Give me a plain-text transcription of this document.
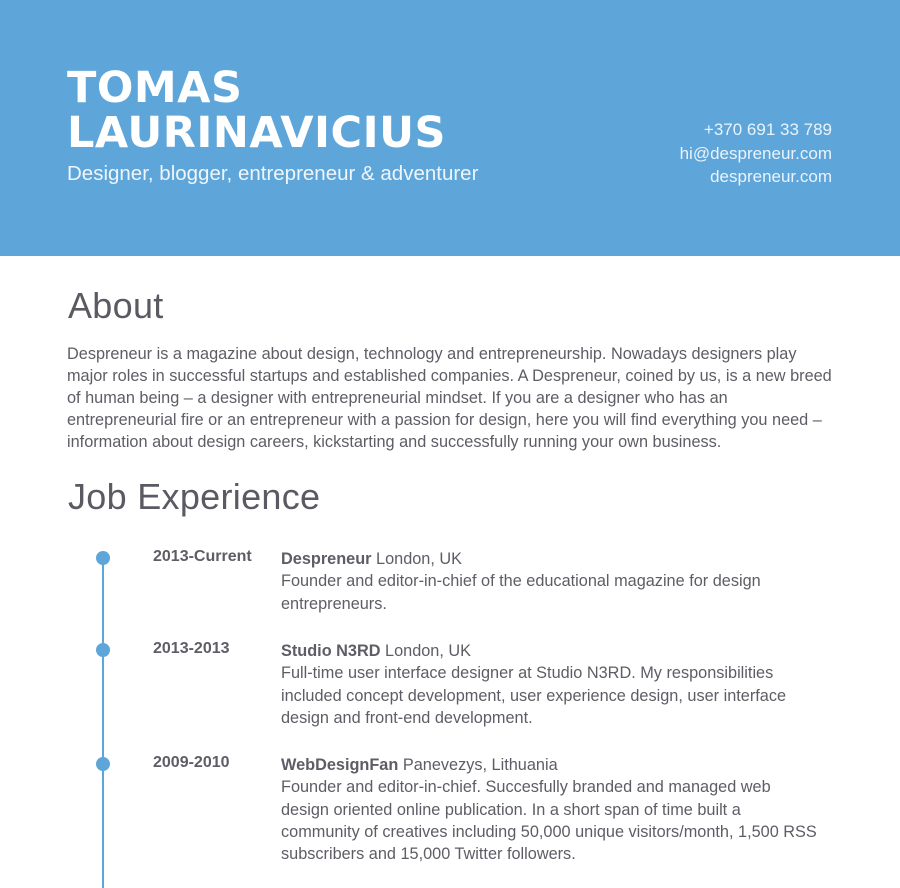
TOMAS
LAURINAVICIUS
Designer, blogger, entrepreneur & adventurer
+370 691 33 789
hi@despreneur.com
despreneur.com
About
Despreneur is a magazine about design, technology and entrepreneurship. Nowadays designers play major roles in successful startups and established companies. A Despreneur, coined by us, is a new breed of human being – a designer with entrepreneurial mindset. If you are a designer who has an entrepreneurial fire or an entrepreneur with a passion for design, here you will find everything you need – information about design careers, kickstarting and successfully running your own business.
Job Experience
2013-Current Despreneur London, UK
Founder and editor-in-chief of the educational magazine for design entrepreneurs.
2013-2013	Studio N3RD London, UK
Full-time user interface designer at Studio N3RD. My responsibilities included concept development, user experience design, user interface design and front-end development.
2009-2010	WebDesignFan Panevezys, Lithuania
Founder and editor-in-chief. Succesfully branded and managed web design oriented online publication. In a short span of time built a community of creatives including 50,000 unique visitors/month, 1,500 RSS subscribers and 15,000 Twitter followers.
